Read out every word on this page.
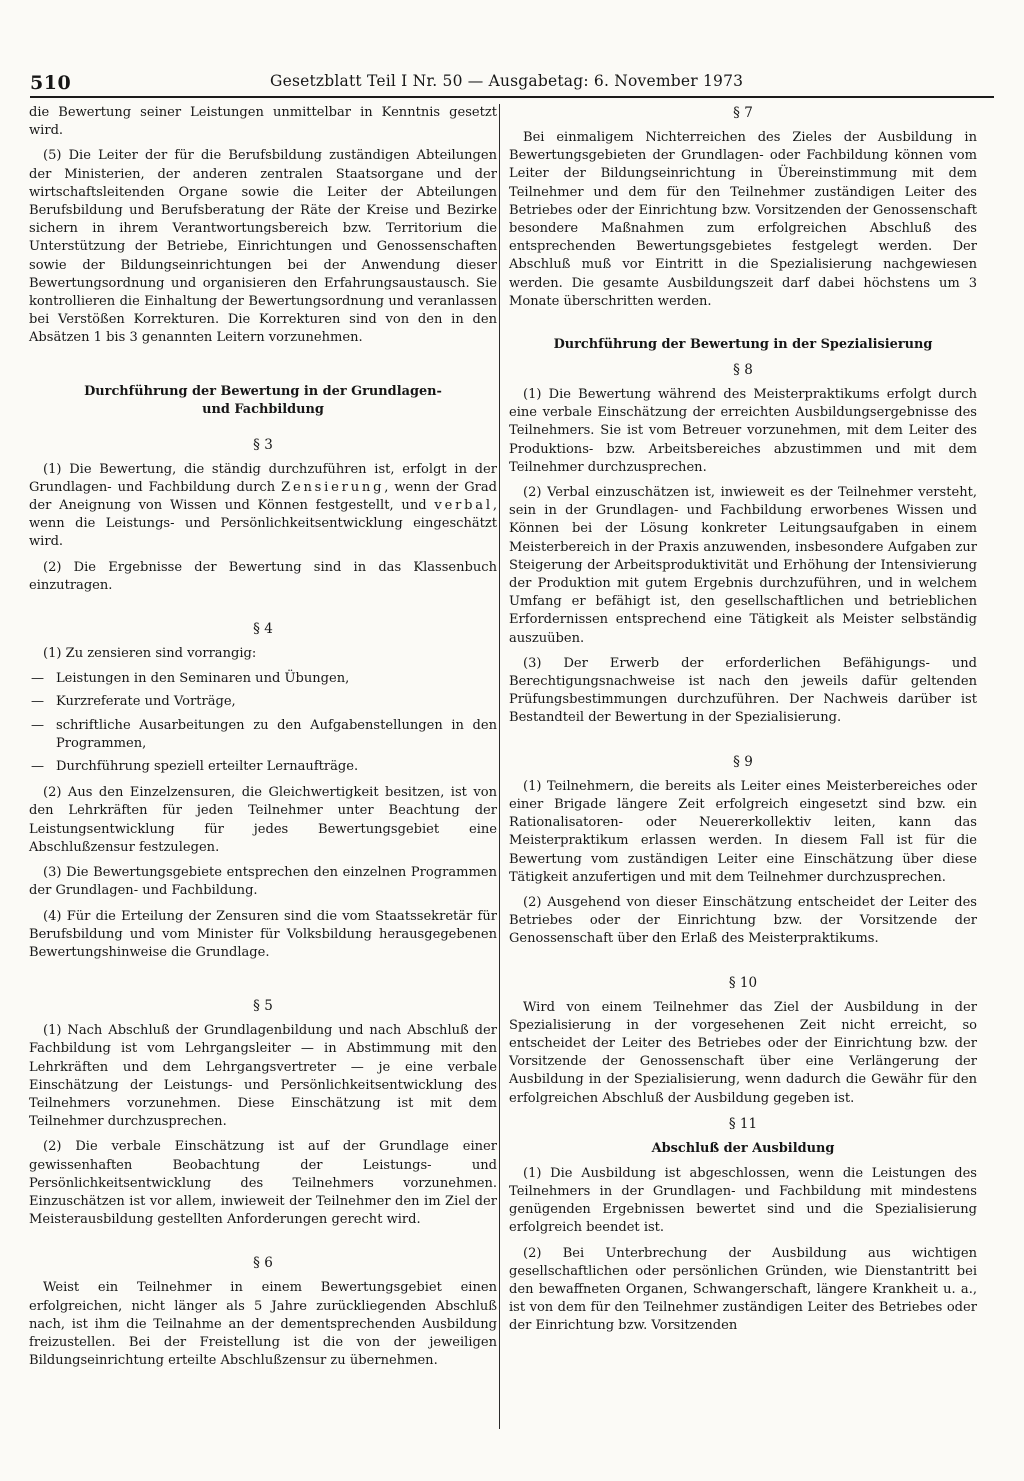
510	Gesetzblatt Teil I Nr. 50 — Ausgabetag: 6. November 1973

die Bewertung seiner Leistungen unmittelbar in Kenntnis gesetzt wird.

(5) Die Leiter der für die Berufsbildung zuständigen Abteilungen der Ministerien, der anderen zentralen Staatsorgane und der wirtschaftsleitenden Organe sowie die Leiter der Abteilungen Berufsbildung und Berufsberatung der Räte der Kreise und Bezirke sichern in ihrem Verantwortungsbereich bzw. Territorium die Unterstützung der Betriebe, Einrichtungen und Genossenschaften sowie der Bildungseinrichtungen bei der Anwendung dieser Bewertungsordnung und organisieren den Erfahrungsaustausch. Sie kontrollieren die Einhaltung der Bewertungsordnung und veranlassen bei Verstößen Korrekturen. Die Korrekturen sind von den in den Absätzen 1 bis 3 genannten Leitern vorzunehmen.

Durchführung der Bewertung in der Grundlagen-
und Fachbildung
§ 3

(1) Die Bewertung, die ständig durchzuführen ist, erfolgt in der Grundlagen- und Fachbildung durch Zensierung, wenn der Grad der Aneignung von Wissen und Können festgestellt, und verbal, wenn die Leistungs- und Persönlichkeitsentwicklung eingeschätzt wird.

(2) Die Ergebnisse der Bewertung sind in das Klassenbuch einzutragen.

§ 4

(1) Zu zensieren sind vorrangig:

— Leistungen in den Seminaren und Übungen,
— Kurzreferate und Vorträge,
— schriftliche Ausarbeitungen zu den Aufgabenstellungen in den Programmen,
— Durchführung speziell erteilter Lernaufträge.

(2) Aus den Einzelzensuren, die Gleichwertigkeit besitzen, ist von den Lehrkräften für jeden Teilnehmer unter Beachtung der Leistungsentwicklung für jedes Bewertungsgebiet eine Abschlußzensur festzulegen.

(3) Die Bewertungsgebiete entsprechen den einzelnen Programmen der Grundlagen- und Fachbildung.

(4) Für die Erteilung der Zensuren sind die vom Staatssekretär für Berufsbildung und vom Minister für Volksbildung herausgegebenen Bewertungshinweise die Grundlage.

§ 5

(1) Nach Abschluß der Grundlagenbildung und nach Abschluß der Fachbildung ist vom Lehrgangsleiter — in Abstimmung mit den Lehrkräften und dem Lehrgangsvertreter — je eine verbale Einschätzung der Leistungs- und Persönlichkeitsentwicklung des Teilnehmers vorzunehmen. Diese Einschätzung ist mit dem Teilnehmer durchzusprechen.

(2) Die verbale Einschätzung ist auf der Grundlage einer gewissenhaften Beobachtung der Leistungs- und Persönlichkeitsentwicklung des Teilnehmers vorzunehmen. Einzuschätzen ist vor allem, inwieweit der Teilnehmer den im Ziel der Meisterausbildung gestellten Anforderungen gerecht wird.

§ 6

Weist ein Teilnehmer in einem Bewertungsgebiet einen erfolgreichen, nicht länger als 5 Jahre zurückliegenden Abschluß nach, ist ihm die Teilnahme an der dementsprechenden Ausbildung freizustellen. Bei der Freistellung ist die von der jeweiligen Bildungseinrichtung erteilte Abschlußzensur zu übernehmen.

§ 7

Bei einmaligem Nichterreichen des Zieles der Ausbildung in Bewertungsgebieten der Grundlagen- oder Fachbildung können vom Leiter der Bildungseinrichtung in Übereinstimmung mit dem Teilnehmer und dem für den Teilnehmer zuständigen Leiter des Betriebes oder der Einrichtung bzw. Vorsitzenden der Genossenschaft besondere Maßnahmen zum erfolgreichen Abschluß des entsprechenden Bewertungsgebietes festgelegt werden. Der Abschluß muß vor Eintritt in die Spezialisierung nachgewiesen werden. Die gesamte Ausbildungszeit darf dabei höchstens um 3 Monate überschritten werden.

Durchführung der Bewertung in der Spezialisierung
§ 8

(1) Die Bewertung während des Meisterpraktikums erfolgt durch eine verbale Einschätzung der erreichten Ausbildungsergebnisse des Teilnehmers. Sie ist vom Betreuer vorzunehmen, mit dem Leiter des Produktions- bzw. Arbeitsbereiches abzustimmen und mit dem Teilnehmer durchzusprechen.

(2) Verbal einzuschätzen ist, inwieweit es der Teilnehmer versteht, sein in der Grundlagen- und Fachbildung erworbenes Wissen und Können bei der Lösung konkreter Leitungsaufgaben in einem Meisterbereich in der Praxis anzuwenden, insbesondere Aufgaben zur Steigerung der Arbeitsproduktivität und Erhöhung der Intensivierung der Produktion mit gutem Ergebnis durchzuführen, und in welchem Umfang er befähigt ist, den gesellschaftlichen und betrieblichen Erfordernissen entsprechend eine Tätigkeit als Meister selbständig auszuüben.

(3) Der Erwerb der erforderlichen Befähigungs- und Berechtigungsnachweise ist nach den jeweils dafür geltenden Prüfungsbestimmungen durchzuführen. Der Nachweis darüber ist Bestandteil der Bewertung in der Spezialisierung.

§ 9

(1) Teilnehmern, die bereits als Leiter eines Meisterbereiches oder einer Brigade längere Zeit erfolgreich eingesetzt sind bzw. ein Rationalisatoren- oder Neuererkollektiv leiten, kann das Meisterpraktikum erlassen werden. In diesem Fall ist für die Bewertung vom zuständigen Leiter eine Einschätzung über diese Tätigkeit anzufertigen und mit dem Teilnehmer durchzusprechen.

(2) Ausgehend von dieser Einschätzung entscheidet der Leiter des Betriebes oder der Einrichtung bzw. der Vorsitzende der Genossenschaft über den Erlaß des Meisterpraktikums.

§ 10

Wird von einem Teilnehmer das Ziel der Ausbildung in der Spezialisierung in der vorgesehenen Zeit nicht erreicht, so entscheidet der Leiter des Betriebes oder der Einrichtung bzw. der Vorsitzende der Genossenschaft über eine Verlängerung der Ausbildung in der Spezialisierung, wenn dadurch die Gewähr für den erfolgreichen Abschluß der Ausbildung gegeben ist.

§ 11
Abschluß der Ausbildung

(1) Die Ausbildung ist abgeschlossen, wenn die Leistungen des Teilnehmers in der Grundlagen- und Fachbildung mit mindestens genügenden Ergebnissen bewertet sind und die Spezialisierung erfolgreich beendet ist.

(2) Bei Unterbrechung der Ausbildung aus wichtigen gesellschaftlichen oder persönlichen Gründen, wie Dienstantritt bei den bewaffneten Organen, Schwangerschaft, längere Krankheit u. a., ist von dem für den Teilnehmer zuständigen Leiter des Betriebes oder der Einrichtung bzw. Vorsitzenden
